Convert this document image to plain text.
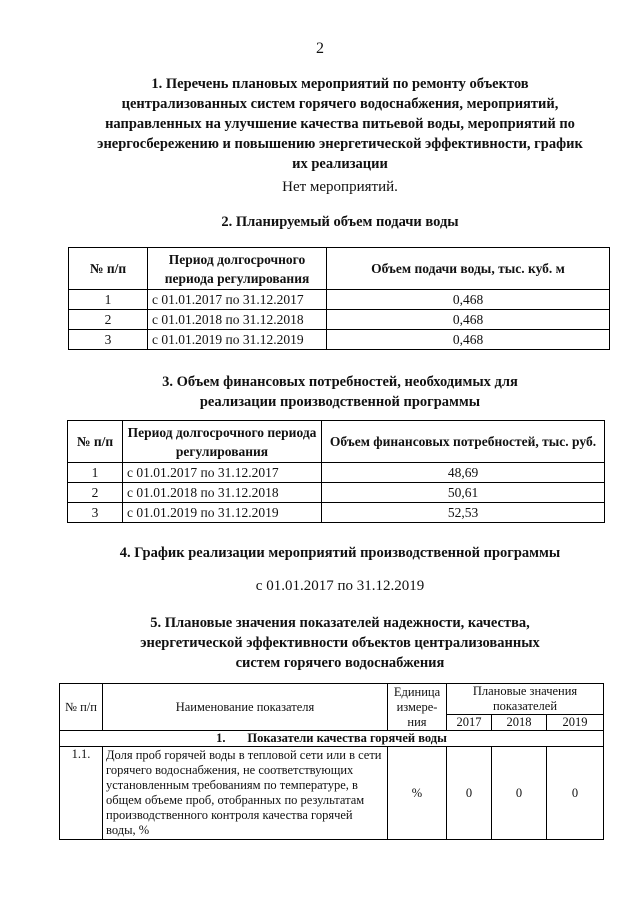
2
1. Перечень плановых мероприятий по ремонту объектов
централизованных систем горячего водоснабжения, мероприятий,
направленных на улучшение качества питьевой воды, мероприятий по
энергосбережению и повышению энергетической эффективности, график
их реализации
Нет мероприятий.
2. Планируемый объем подачи воды
№ п/п	Период долгосрочного периода регулирования	Объем подачи воды, тыс. куб. м
1	с 01.01.2017 по 31.12.2017	0,468
2	с 01.01.2018 по 31.12.2018	0,468
3	с 01.01.2019 по 31.12.2019	0,468
3. Объем финансовых потребностей, необходимых для
реализации производственной программы
№ п/п	Период долгосрочного периода регулирования	Объем финансовых потребностей, тыс. руб.
1	с 01.01.2017 по 31.12.2017	48,69
2	с 01.01.2018 по 31.12.2018	50,61
3	с 01.01.2019 по 31.12.2019	52,53
4. График реализации мероприятий производственной программы
с 01.01.2017 по 31.12.2019
5. Плановые значения показателей надежности, качества,
энергетической эффективности объектов централизованных
систем горячего водоснабжения
№ п/п	Наименование показателя	Единица измере-ния	Плановые значения показателей		
			2017	2018	2019
1. Показатели качества горячей воды					
1.1.	Доля проб горячей воды в тепловой сети или в сети горячего водоснабжения, не соответствующих установленным требованиям по температуре, в общем объеме проб, отобранных по результатам производственного контроля качества горячей воды, %	%	0	0	0
